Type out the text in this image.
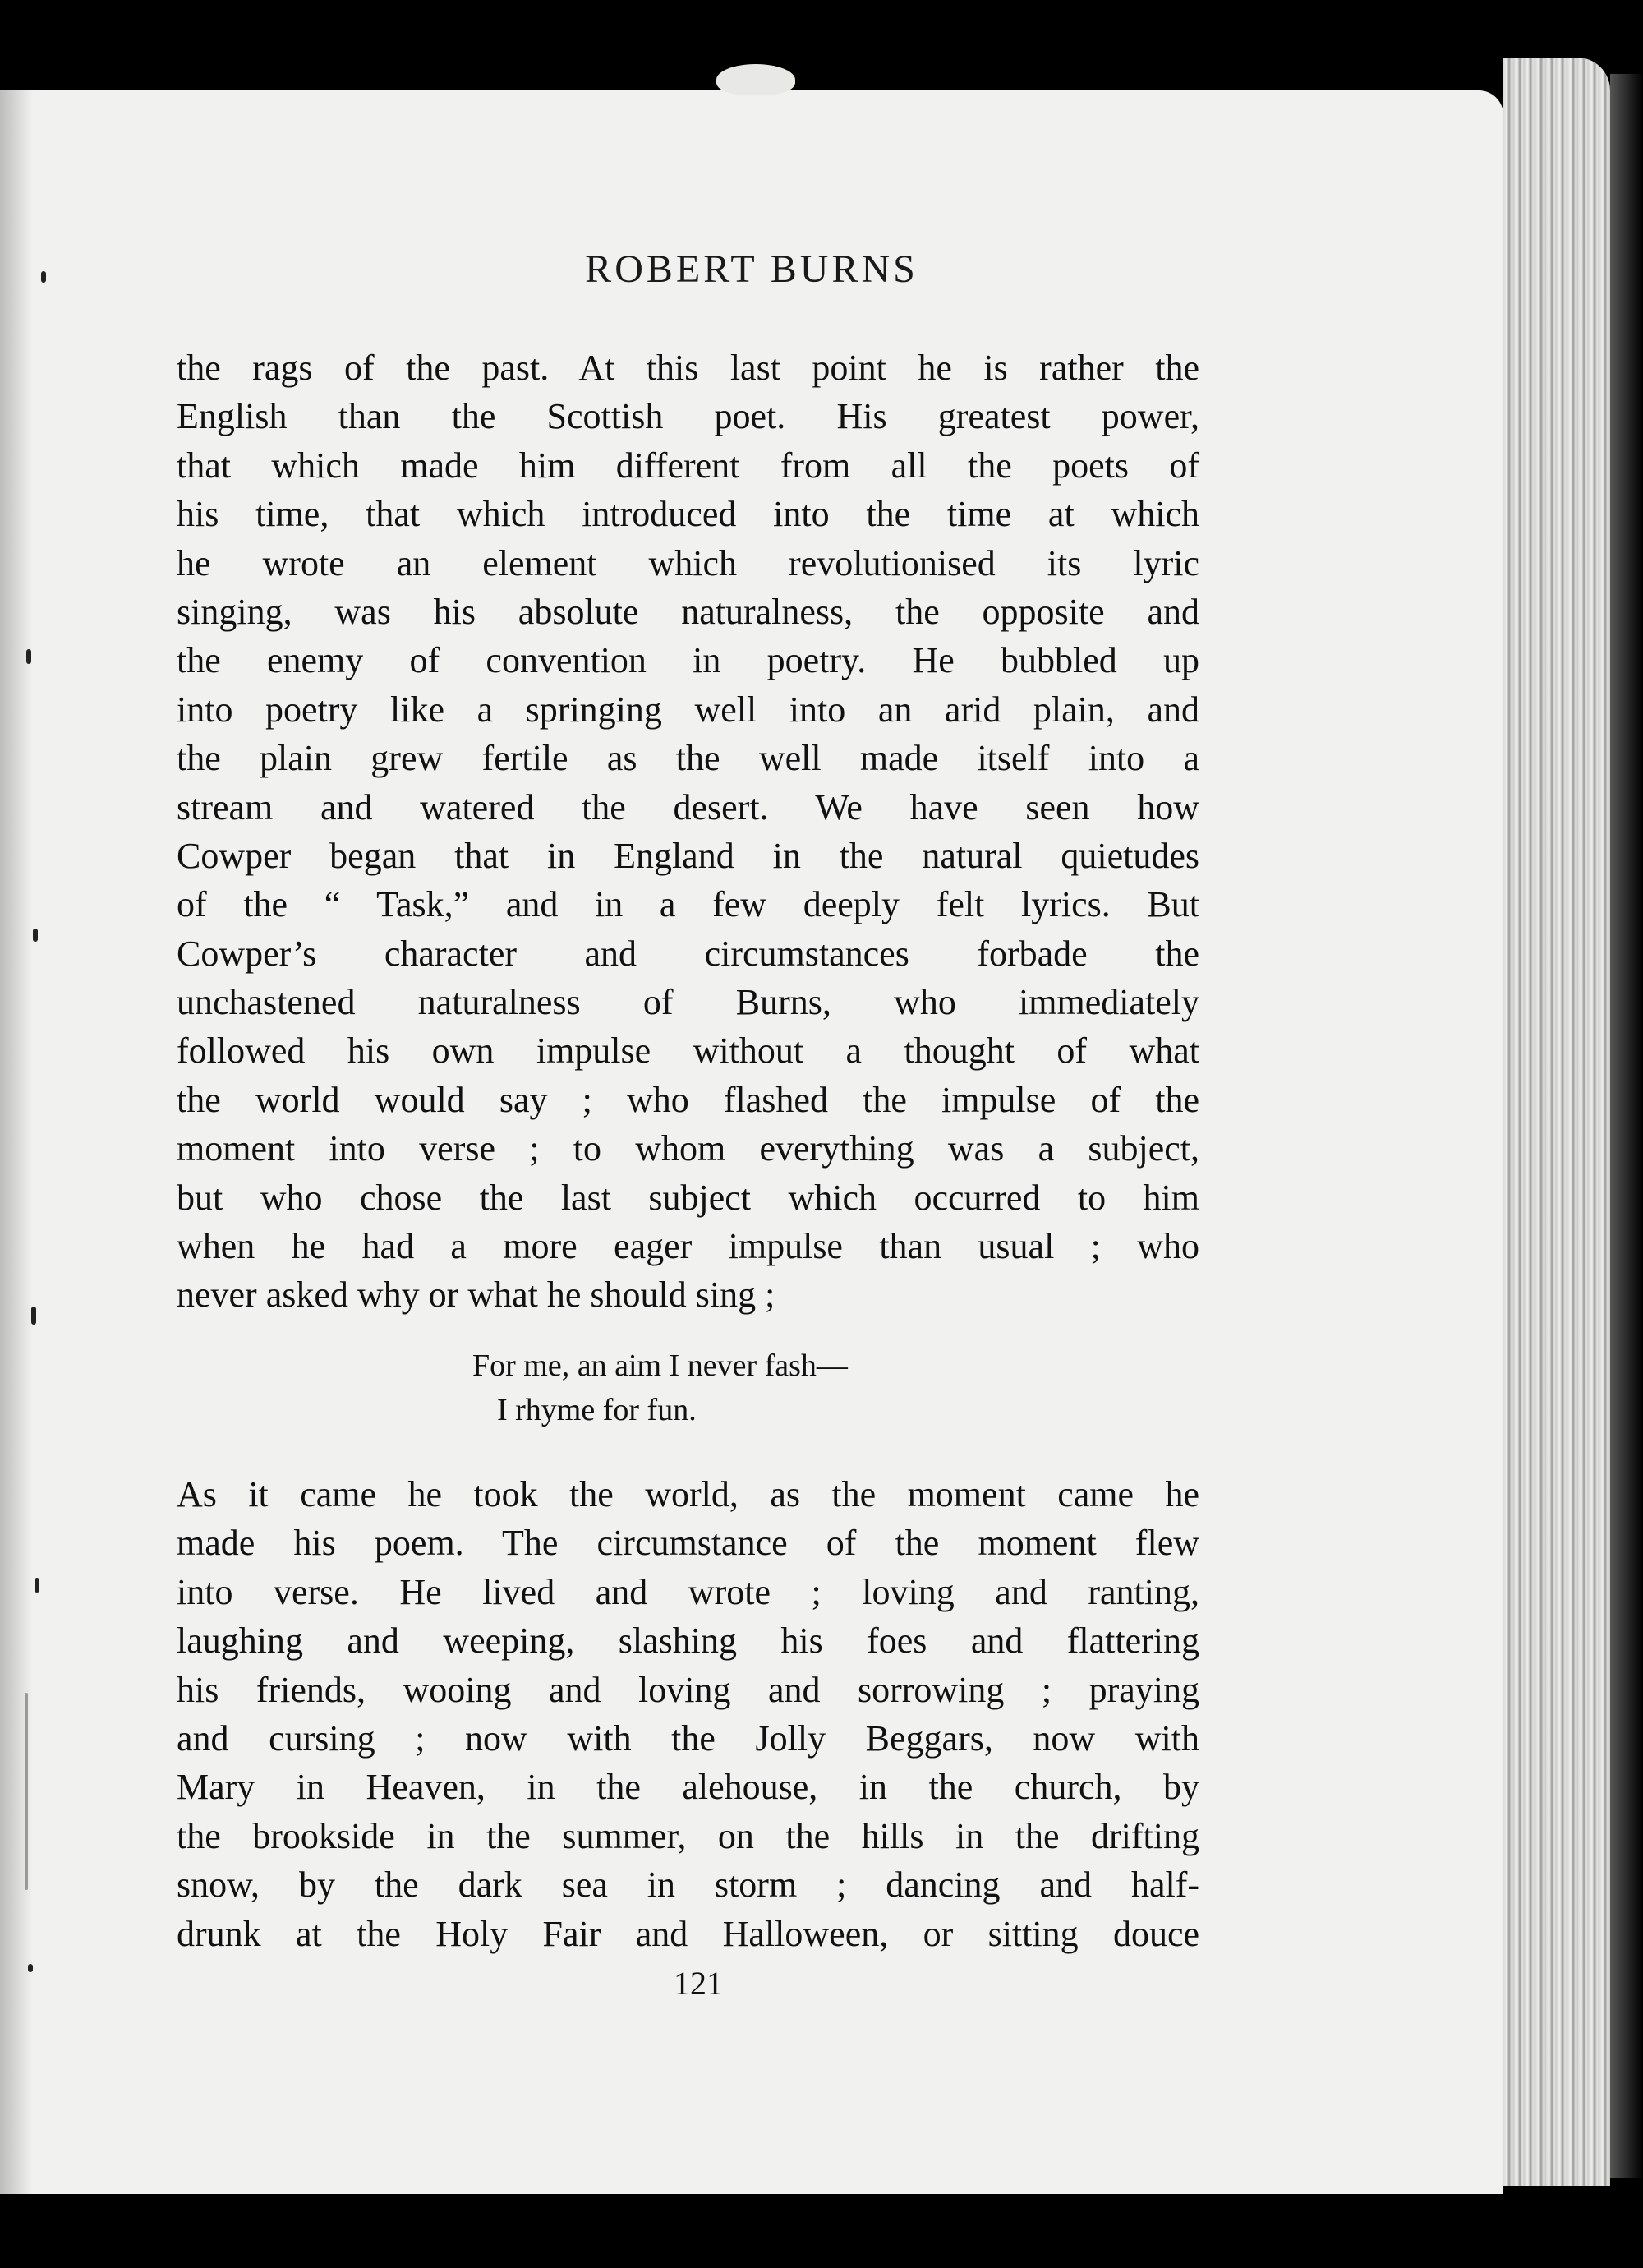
ROBERT BURNS
the rags of the past. At this last point he is rather the
English than the Scottish poet. His greatest power,
that which made him different from all the poets of
his time, that which introduced into the time at which
he wrote an element which revolutionised its lyric
singing, was his absolute naturalness, the opposite and
the enemy of convention in poetry. He bubbled up
into poetry like a springing well into an arid plain, and
the plain grew fertile as the well made itself into a
stream and watered the desert. We have seen how
Cowper began that in England in the natural quietudes
of the “ Task,” and in a few deeply felt lyrics. But
Cowper’s character and circumstances forbade the
unchastened naturalness of Burns, who immediately
followed his own impulse without a thought of what
the world would say ; who flashed the impulse of the
moment into verse ; to whom everything was a subject,
but who chose the last subject which occurred to him
when he had a more eager impulse than usual ; who
never asked why or what he should sing ;
For me, an aim I never fash—
I rhyme for fun.
As it came he took the world, as the moment came he
made his poem. The circumstance of the moment flew
into verse. He lived and wrote ; loving and ranting,
laughing and weeping, slashing his foes and flattering
his friends, wooing and loving and sorrowing ; praying
and cursing ; now with the Jolly Beggars, now with
Mary in Heaven, in the alehouse, in the church, by
the brookside in the summer, on the hills in the drifting
snow, by the dark sea in storm ; dancing and half-
drunk at the Holy Fair and Halloween, or sitting douce
121
